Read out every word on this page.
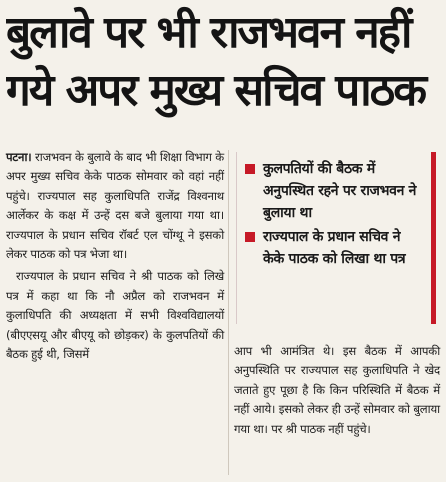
बुलावे पर भी राजभवन नहीं
गये अपर मुख्य सचिव पाठक

पटना। राजभवन के बुलावे के बाद भी शिक्षा विभाग के अपर मुख्य सचिव केके पाठक सोमवार को वहां नहीं पहुंचे। राज्यपाल सह कुलाधिपति राजेंद्र विश्वनाथ आर्लेकर के कक्ष में उन्हें दस बजे बुलाया गया था। राज्यपाल के प्रधान सचिव रॉबर्ट एल चोंग्थू ने इसको लेकर पाठक को पत्र भेजा था।

राज्यपाल के प्रधान सचिव ने श्री पाठक को लिखे पत्र में कहा था कि नौ अप्रैल को राजभवन में कुलाधिपति की अध्यक्षता में सभी विश्वविद्यालयों (बीएएसयू और बीएयू को छोड़कर) के कुलपतियों की बैठक हुई थी, जिसमें

कुलपतियों की बैठक में अनुपस्थित रहने पर राजभवन ने बुलाया था
राज्यपाल के प्रधान सचिव ने केके पाठक को लिखा था पत्र

आप भी आमंत्रित थे। इस बैठक में आपकी अनुपस्थिति पर राज्यपाल सह कुलाधिपति ने खेद जताते हुए पूछा है कि किन परिस्थिति में बैठक में नहीं आये। इसको लेकर ही उन्हें सोमवार को बुलाया गया था। पर श्री पाठक नहीं पहुंचे।
